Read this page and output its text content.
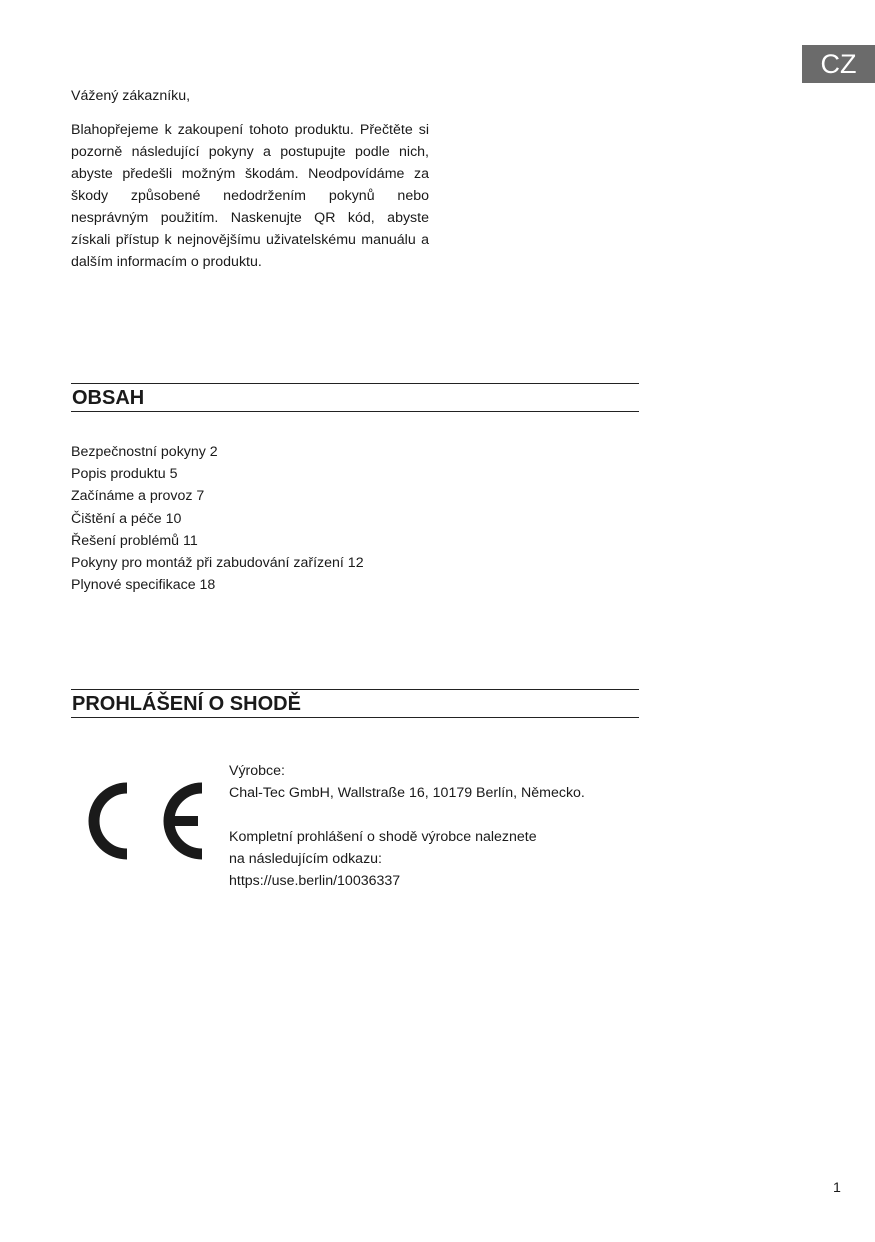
CZ
Vážený zákazníku,
Blahopřejeme k zakoupení tohoto produktu. Přečtěte si pozorně následující pokyny a postupujte podle nich, abyste předešli možným škodám. Neodpovídáme za škody způsobené nedodržením pokynů nebo nesprávným použitím. Naskenujte QR kód, abyste získali přístup k nejnovějšímu uživatelskému manuálu a dalším informacím o produktu.
OBSAH
Bezpečnostní pokyny 2
Popis produktu 5
Začínáme a provoz 7
Čištění a péče 10
Řešení problémů 11
Pokyny pro montáž při zabudování zařízení 12
Plynové specifikace 18
PROHLÁŠENÍ O SHODĚ

Výrobce:

Chal-Tec GmbH, Wallstraße 16, 10179 Berlín, Německo.

Kompletní prohlášení o shodě výrobce naleznete

na následujícím odkazu:

https://use.berlin/10036337

1
